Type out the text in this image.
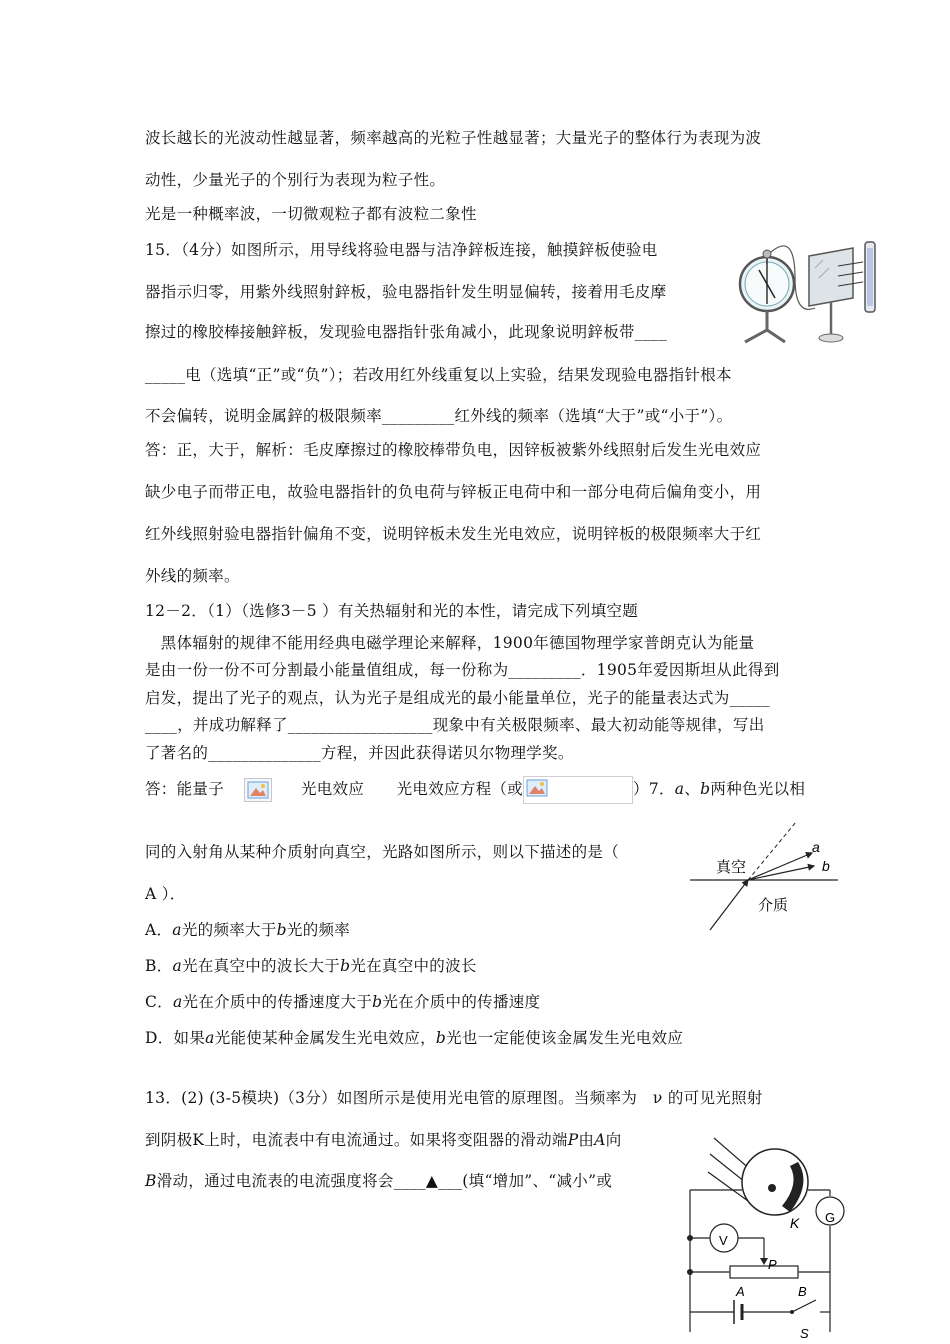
波长越长的光波动性越显著，频率越高的光粒子性越显著；大量光子的整体行为表现为波
动性，少量光子的个别行为表现为粒子性。
光是一种概率波，一切微观粒子都有波粒二象性
15．（4分）如图所示，用导线将验电器与洁净鋅板连接，触摸鋅板使验电
器指示归零，用紫外线照射鋅板，验电器指针发生明显偏转，接着用毛皮摩
擦过的橡胶棒接触鋅板，发现验电器指针张角减小，此现象说明鋅板带____
_____电（选填“正”或“负”）；若改用红外线重复以上实验，结果发现验电器指针根本
不会偏转，说明金属鋅的极限频率_________红外线的频率（选填“大于”或“小于”）。
答：正，大于，解析：毛皮摩擦过的橡胶棒带负电，因锌板被紫外线照射后发生光电效应
缺少电子而带正电，故验电器指针的负电荷与锌板正电荷中和一部分电荷后偏角变小，用
红外线照射验电器指针偏角不变，说明锌板未发生光电效应，说明锌板的极限频率大于红
外线的频率。
12－2．（1）（选修3－5 ）有关热辐射和光的本性，请完成下列填空题
　黑体辐射的规律不能用经典电磁学理论来解释，1900年德国物理学家普朗克认为能量
是由一份一份不可分割最小能量值组成，每一份称为_________．1905年爱因斯坦从此得到
启发，提出了光子的观点，认为光子是组成光的最小能量单位，光子的能量表达式为_____
____，并成功解释了__________________现象中有关极限频率、最大初动能等规律，写出
了著名的______________方程，并因此获得诺贝尔物理学奖。
答：能量子	光电效应 光电效应方程（或	）7．a、b两种色光以相
同的入射角从某种介质射向真空，光路如图所示，则以下描述的是（
A ）．
A．a光的频率大于b光的频率
B．a光在真空中的波长大于b光在真空中的波长
C．a光在介质中的传播速度大于b光在介质中的传播速度
D．如果a光能使某种金属发生光电效应，b光也一定能使该金属发生光电效应
13．(2) (3-5模块)（3分）如图所示是使用光电管的原理图。当频率为　ν 的可见光照射
到阴极K上时，电流表中有电流通过。如果将变阻器的滑动端P由A向
B滑动，通过电流表的电流强度将会____▲___(填“增加”、“减小”或
真空
介质
a
b
G
K
V
P
A	B
S
